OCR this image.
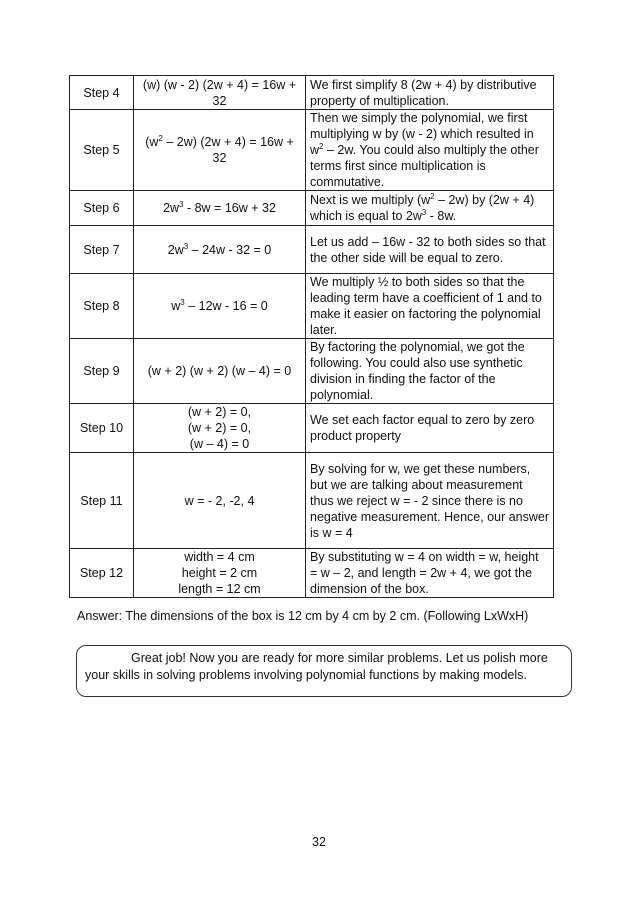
Step 4	(w) (w - 2) (2w + 4) = 16w + 32	We first simplify 8 (2w + 4) by distributive property of multiplication.
Step 5	$(w^2 - 2w) (2w + 4) = 16w + 32$	Then we simply the polynomial, we first multiplying w by (w - 2) which resulted in $w^2 - 2w$. You could also multiply the other terms first since multiplication is commutative.
Step 6	$2w^3 - 8w = 16w + 32$	Next is we multiply $(w^2 - 2w)$ by (2w + 4) which is equal to $2w^3 - 8w$.
Step 7	$2w^3 - 24w - 32 = 0$	Let us add – 16w - 32 to both sides so that the other side will be equal to zero.
Step 8	$w^3 - 12w - 16 = 0$	We multiply ½ to both sides so that the leading term have a coefficient of 1 and to make it easier on factoring the polynomial later.
Step 9	(w + 2) (w + 2) (w – 4) = 0	By factoring the polynomial, we got the following. You could also use synthetic division in finding the factor of the polynomial.
Step 10	(w + 2) = 0,
(w + 2) = 0,
(w – 4) = 0	We set each factor equal to zero by zero product property
Step 11	w = - 2, -2, 4	By solving for w, we get these numbers, but we are talking about measurement thus we reject w = - 2 since there is no negative measurement. Hence, our answer is w = 4
Step 12	width = 4 cm
height = 2 cm
length = 12 cm	By substituting w = 4 on width = w, height = w – 2, and length = 2w + 4, we got the dimension of the box.

Answer: The dimensions of the box is 12 cm by 4 cm by 2 cm. (Following LxWxH)

Great job! Now you are ready for more similar problems. Let us polish more your skills in solving problems involving polynomial functions by making models.

32
